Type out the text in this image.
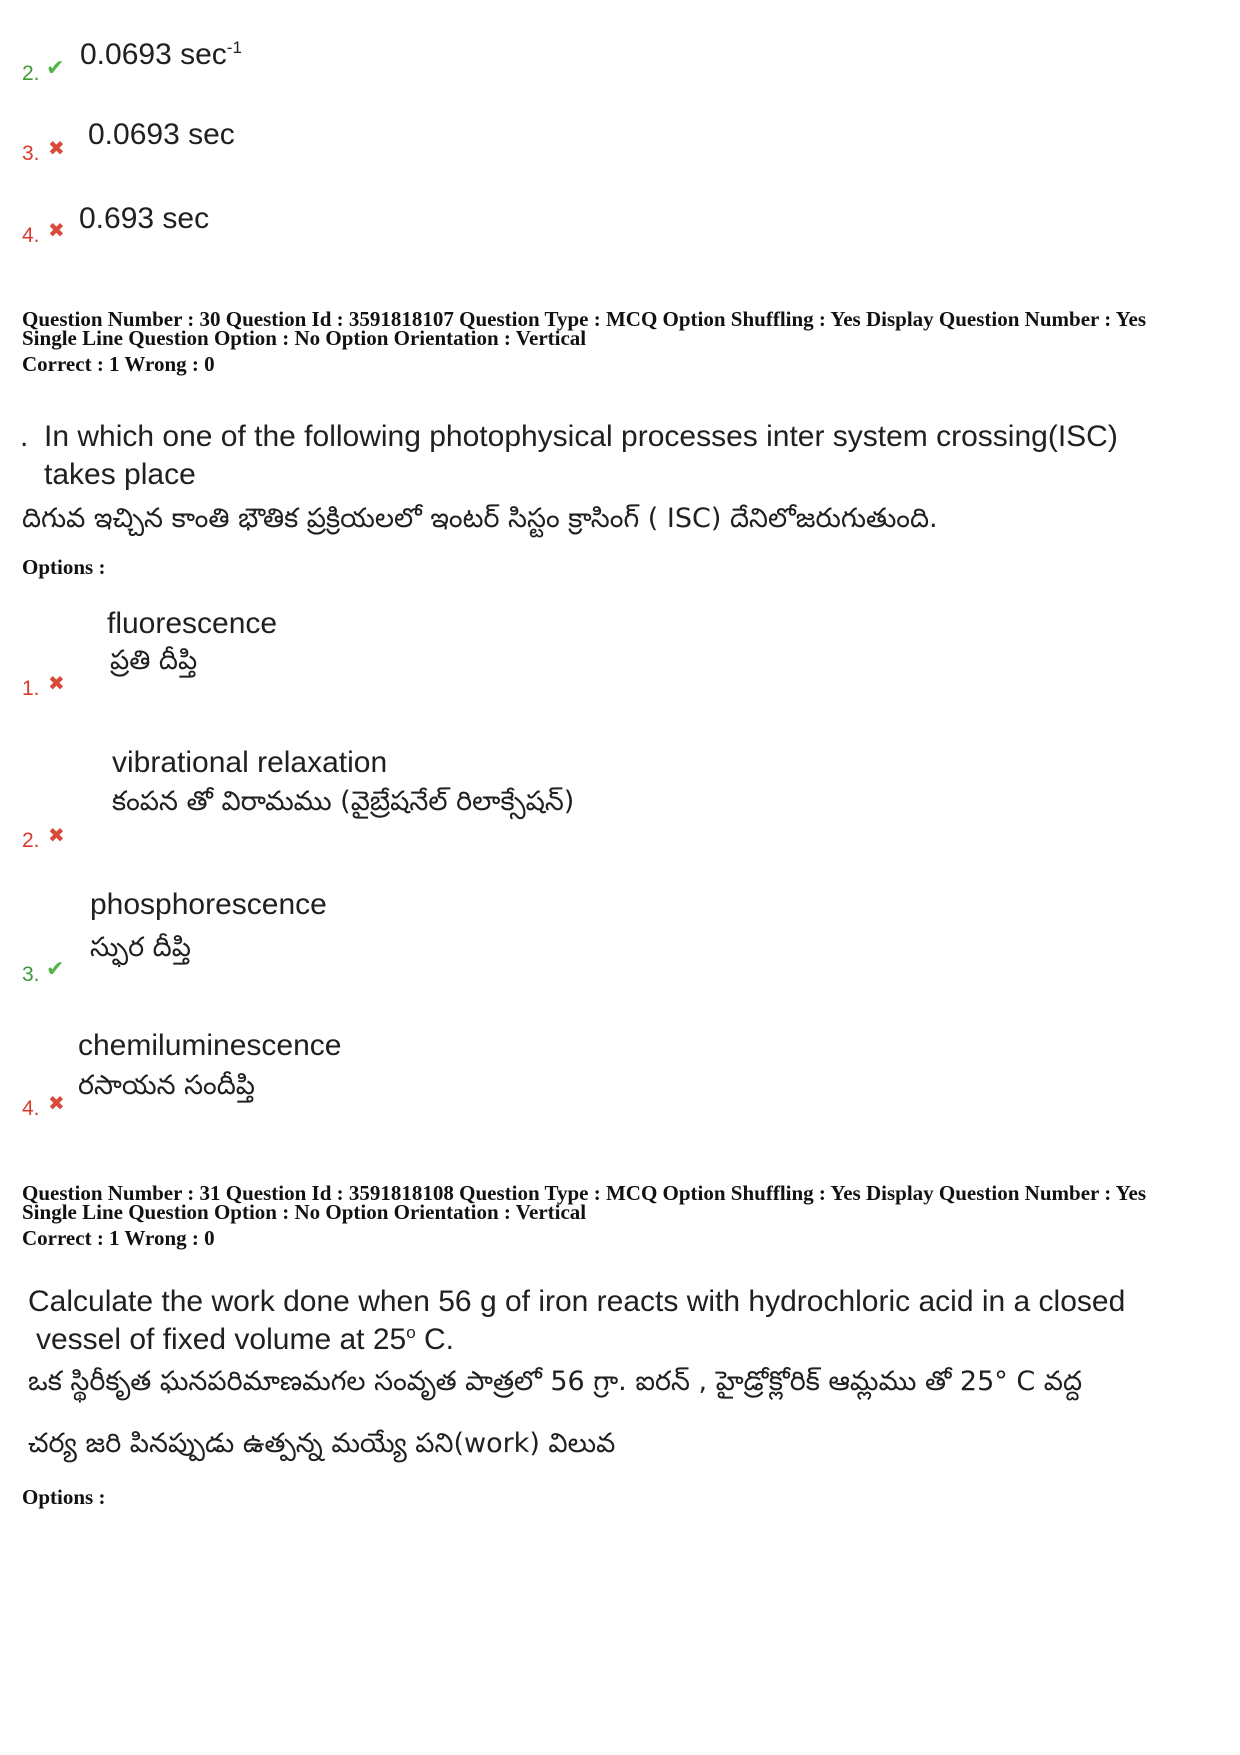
2. ✔ 0.0693 $\sec^{-1}$
3. ✖ 0.0693 sec
4. ✖ 0.693 sec
Question Number : 30 Question Id : 3591818107 Question Type : MCQ Option Shuffling : Yes Display Question Number : Yes
Single Line Question Option : No Option Orientation : Vertical
Correct : 1 Wrong : 0
. In which one of the following photophysical processes inter system crossing(ISC)
takes place
దిగువ ఇచ్చిన కాంతి భౌతిక ప్రక్రియలలో ఇంటర్ సిస్టం క్రాసింగ్ ( ISC) దేనిలోజరుగుతుంది.
Options :
fluorescence
ప్రతి దీప్తి
1. ✖
vibrational relaxation
కంపన తో విరామము (వైబ్రేషనేల్ రిలాక్సేషన్)
2. ✖
phosphorescence
స్ఫుర దీప్తి
3. ✔
chemiluminescence
రసాయన సందీప్తి
4. ✖
Question Number : 31 Question Id : 3591818108 Question Type : MCQ Option Shuffling : Yes Display Question Number : Yes
Single Line Question Option : No Option Orientation : Vertical
Correct : 1 Wrong : 0
Calculate the work done when 56 g of iron reacts with hydrochloric acid in a closed
vessel of fixed volume at 25$^o$ C.
ఒక స్థిరీకృత ఘనపరిమాణమగల సంవృత పాత్రలో 56 గ్రా. ఐరన్ , హైడ్రోక్లోరిక్ ఆమ్లము తో 25° C వద్ద
చర్య జరి పినప్పుడు ఉత్పన్న మయ్యే పని(work) విలువ
Options :
